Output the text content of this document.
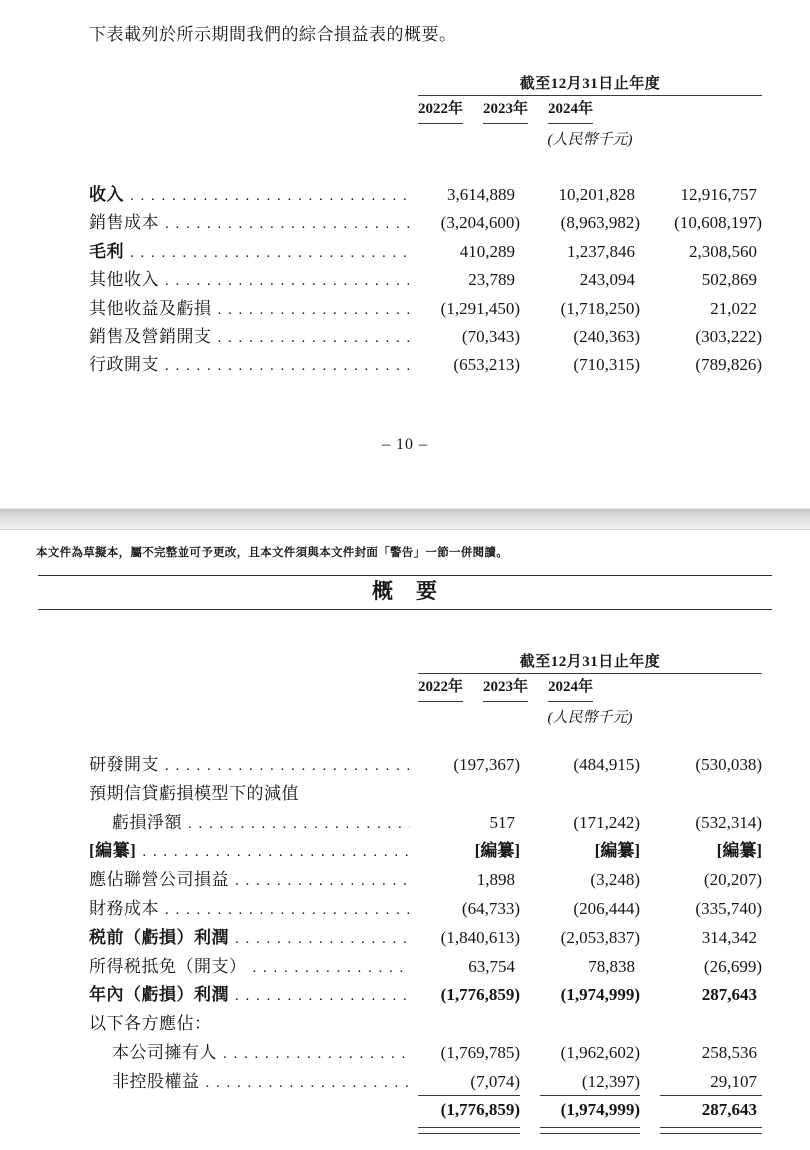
下表載列於所示期間我們的綜合損益表的概要。
截至12月31日止年度
2022年 2023年 2024年
(人民幣千元)
收入 . . .	3,614,889	10,201,828	12,916,757
銷售成本 . . .	(3,204,600)	(8,963,982)	(10,608,197)
毛利 . . .	410,289	1,237,846	2,308,560
其他收入 . . .	23,789	243,094	502,869
其他收益及虧損 . . .	(1,291,450)	(1,718,250)	21,022
銷售及營銷開支 . . .	(70,343)	(240,363)	(303,222)
行政開支 . . .	(653,213)	(710,315)	(789,826)
– 10 –
本文件為草擬本，屬不完整並可予更改，且本文件須與本文件封面「警告」一節一併閱讀。
概　要
截至12月31日止年度
2022年 2023年 2024年
(人民幣千元)
研發開支 . . .	(197,367)	(484,915)	(530,038)
預期信貸虧損模型下的減值
虧損淨額 . . .	517	(171,242)	(532,314)
[編纂] . . .	[編纂]	[編纂]	[編纂]
應佔聯營公司損益 . . .	1,898	(3,248)	(20,207)
財務成本 . . .	(64,733)	(206,444)	(335,740)
税前（虧損）利潤 . . .	(1,840,613)	(2,053,837)	314,342
所得税抵免（開支） . . .	63,754	78,838	(26,699)
年內（虧損）利潤 . . .	(1,776,859)	(1,974,999)	287,643
以下各方應佔：
本公司擁有人 . . .	(1,769,785)	(1,962,602)	258,536
非控股權益 . . .	(7,074)	(12,397)	29,107
(1,776,859)	(1,974,999)	287,643
